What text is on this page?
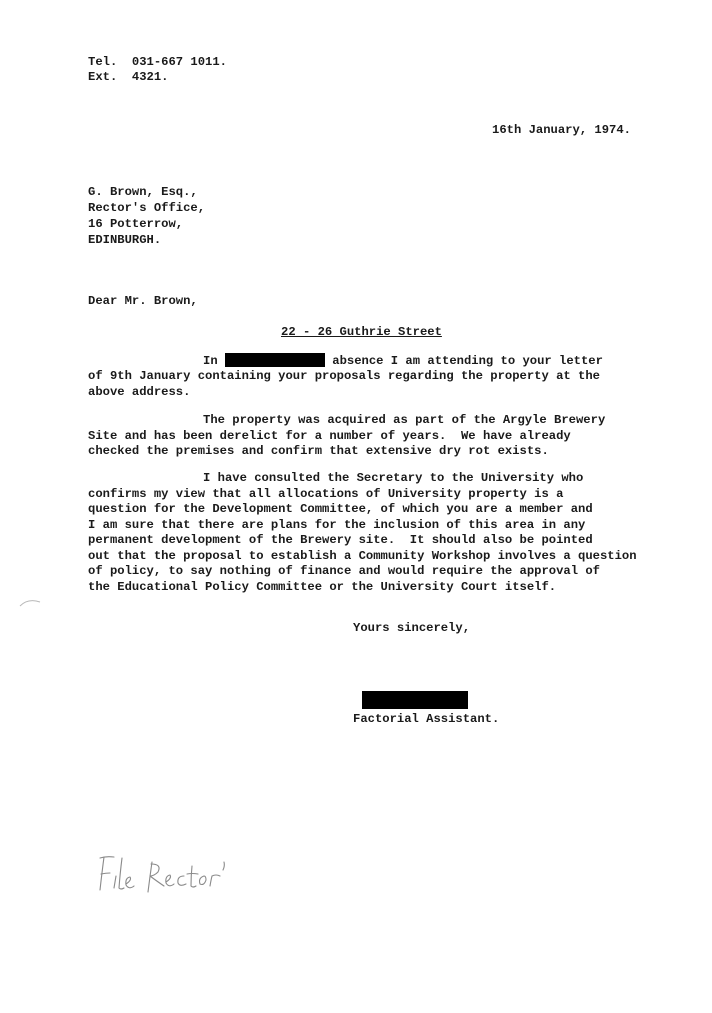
Tel.  031-667 1011.
Ext.  4321.
16th January, 1974.
G. Brown, Esq.,
Rector's Office,
16 Potterrow,
EDINBURGH.
Dear Mr. Brown,
22 - 26 Guthrie Street
In	absence I am attending to your letter
of 9th January containing your proposals regarding the property at the
above address.
The property was acquired as part of the Argyle Brewery
Site and has been derelict for a number of years.  We have already
checked the premises and confirm that extensive dry rot exists.
I have consulted the Secretary to the University who
confirms my view that all allocations of University property is a
question for the Development Committee, of which you are a member and
I am sure that there are plans for the inclusion of this area in any
permanent development of the Brewery site.  It should also be pointed
out that the proposal to establish a Community Workshop involves a question
of policy, to say nothing of finance and would require the approval of
the Educational Policy Committee or the University Court itself.
Yours sincerely,
Factorial Assistant.
File Rector
